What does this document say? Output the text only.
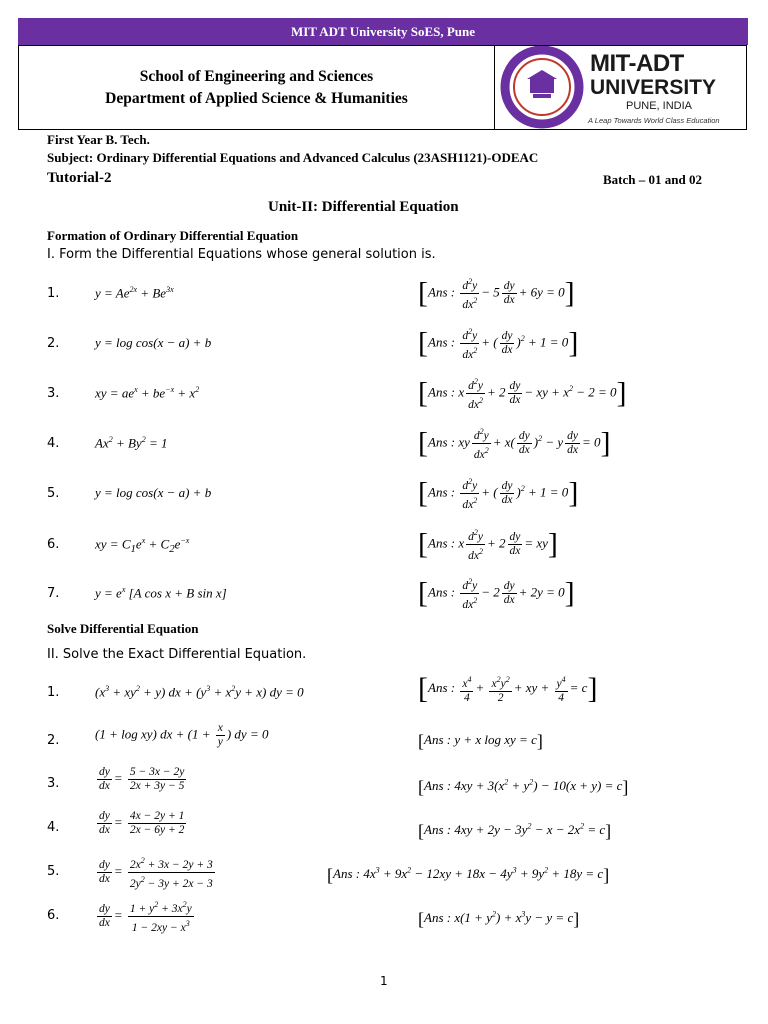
MIT ADT University SoES, Pune
School of Engineering and Sciences
Department of Applied Science & Humanities
MIT-ADT
UNIVERSITY
PUNE, INDIA
A Leap Towards World Class Education
First Year B. Tech.
Subject: Ordinary Differential Equations and Advanced Calculus (23ASH1121)-ODEAC
Tutorial-2	Batch – 01 and 02
Unit-II: Differential Equation
Formation of Ordinary Differential Equation
I. Form the Differential Equations whose general solution is.
1.
2.
3.
4.
5.
6.
7.
$y = Ae^{2x} + Be^{3x}$
y = log cos(x − a) + b
xy = $ae^x + be^{-x} + x^2$
$Ax^2 + By^2 = 1$
y = log cos(x − a) + b
xy = $C_1e^x + C_2e^{-x}$
$y = e^x$ [A cos x + B sin x]
[Ans : $\frac{d^2y}{dx^2} - 5 \frac{dy}{dx} + 6y = 0$]
[Ans : $\frac{d^2y}{dx^2}$ + ( $\frac{dy}{dx} )^2 + 1 = 0$]
[Ans : x $\frac{d^2y}{dx^2} + 2 \frac{dy}{dx}$ − xy + $x^2 - 2 = 0$]
[Ans : xy $\frac{d^2y}{dx^2} + x( \frac{dy}{dx} )^2 - y \frac{dy}{dx} = 0$]
[Ans : $\frac{d^2y}{dx^2}$ + ( $\frac{dy}{dx} )^2 + 1 = 0$]
[Ans : x $\frac{d^2y}{dx^2} + 2 \frac{dy}{dx} = xy$]
[Ans : $\frac{d^2y}{dx^2} - 2 \frac{dy}{dx} + 2y = 0$]
Solve Differential Equation
II. Solve the Exact Differential Equation.
1.
2.
3.
4.
5.
6.
$(x^3 + xy^2 + y)$ dx + $(y^3 + x^2y + x)$ dy = 0
(1 + log xy) dx + ($1 + \frac{x}{y}$ ) dy = 0
$\frac{dy}{dx} = \frac{5 - 3x - 2y}{2x + 3y - 5}$
$\frac{dy}{dx} = \frac{4x - 2y + 1}{2x - 6y + 2}$
$\frac{dy}{dx} = \frac{2x^2 + 3x - 2y + 3}{2y^2 - 3y + 2x - 3}$
$\frac{dy}{dx} = \frac{1 + y^2 + 3x^2y}{1 - 2xy - x^3}$
[Ans : $\frac{x^4}{4} + \frac{x^2y^2}{2}$ + xy + $\frac{y^4}{4} = c$]
[Ans : y + x log xy = c]
[Ans : $4xy + 3(x^2 + y^2) - 10(x + y) = c$]
[Ans : $4xy + 2y - 3y^2 - x - 2x^2 = c$]
[Ans : $4x^3 + 9x^2 - 12xy + 18x - 4y^3 + 9y^2 + 18y = c$]
[Ans : $x(1 + y^2) + x^3y - y = c$]
1
